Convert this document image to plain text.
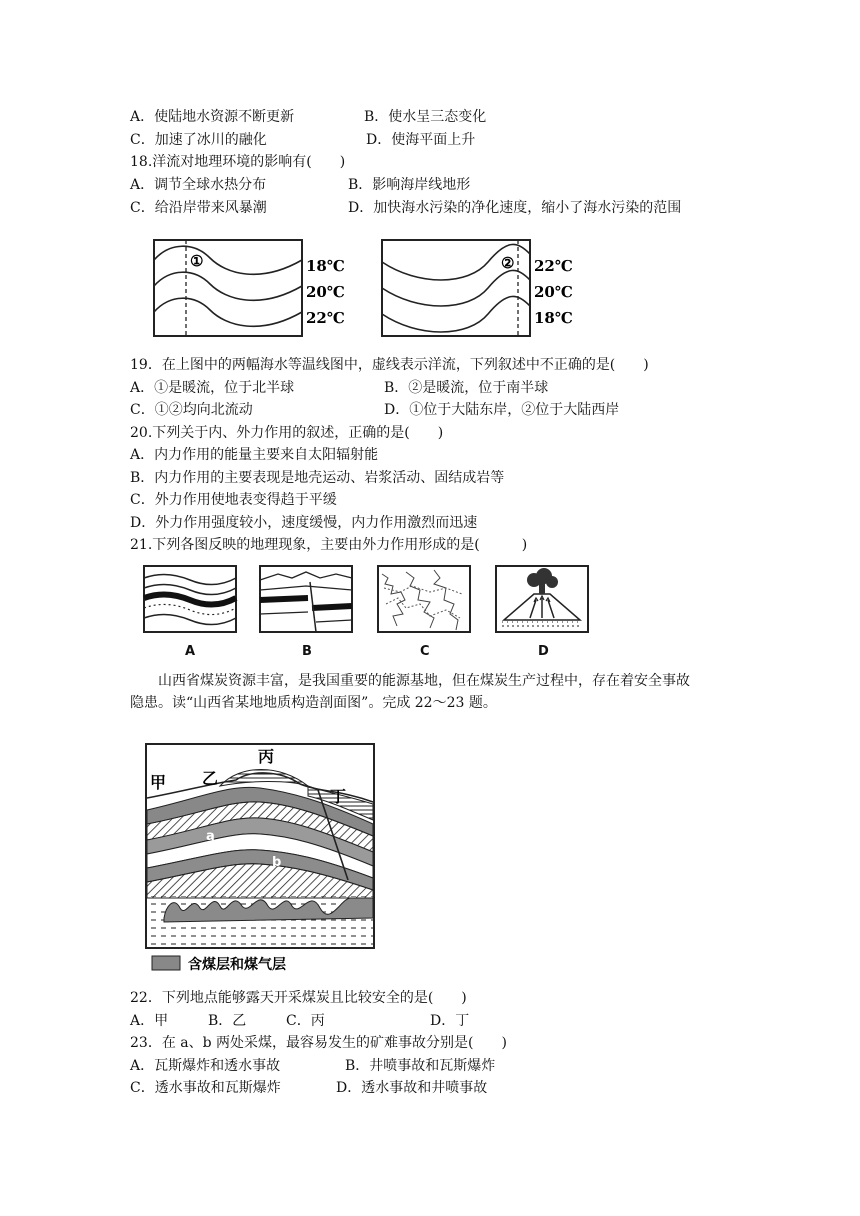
A．使陆地水资源不断更新	B．使水呈三态变化
C．加速了冰川的融化	D．使海平面上升
18.洋流对地理环境的影响有(　　)
A．调节全球水热分布	B．影响海岸线地形
C．给沿岸带来风暴潮	D．加快海水污染的净化速度，缩小了海水污染的范围
①	18℃
20℃
22℃
② 22℃
20℃
18℃
19．在上图中的两幅海水等温线图中，虚线表示洋流，下列叙述中不正确的是(　　)
A．①是暖流，位于北半球	B．②是暖流，位于南半球
C．①②均向北流动	D．①位于大陆东岸，②位于大陆西岸
20.下列关于内、外力作用的叙述，正确的是(　　)
A．内力作用的能量主要来自太阳辐射能
B．内力作用的主要表现是地壳运动、岩浆活动、固结成岩等
C．外力作用使地表变得趋于平缓
D．外力作用强度较小，速度缓慢，内力作用激烈而迅速
21.下列各图反映的地理现象，主要由外力作用形成的是(　　　)
A	B	C	D
山西省煤炭资源丰富，是我国重要的能源基地，但在煤炭生产过程中，存在着安全事故
隐患。读“山西省某地地质构造剖面图”。完成 22～23 题。
甲 乙
丙
丁
a
b
含煤层和煤气层
22．下列地点能够露天开采煤炭且比较安全的是(　　)
A．甲	B．乙	C．丙	D．丁
23．在 a、b 两处采煤，最容易发生的矿难事故分别是(　　)
A．瓦斯爆炸和透水事故	B．井喷事故和瓦斯爆炸
C．透水事故和瓦斯爆炸	D．透水事故和井喷事故
